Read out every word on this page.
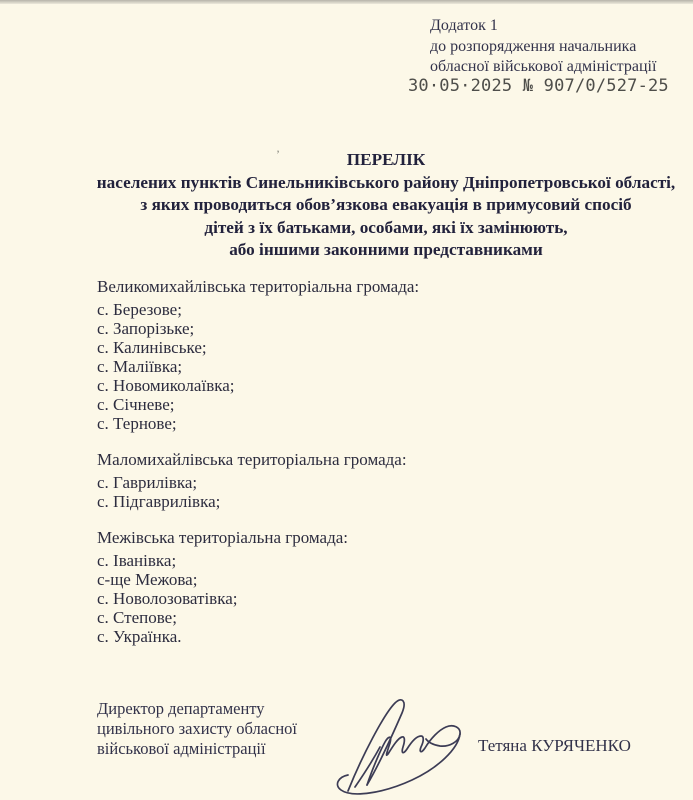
Додаток 1
до розпорядження начальника
обласної військової адміністрації
30·05·2025 № 907/0/527-25
’	ПЕРЕЛІК
населених пунктів Синельниківського району Дніпропетровської області,
з яких проводиться обов’язкова евакуація в примусовий спосіб
дітей з їх батьками, особами, які їх замінюють,
або іншими законними представниками

Великомихайлівська територіальна громада:

с. Березове;

с. Запорізьке;

с. Калинівське;

с. Маліївка;

с. Новомиколаївка;

с. Січневе;

с. Тернове;

Маломихайлівська територіальна громада:

с. Гаврилівка;

с. Підгаврилівка;

Межівська територіальна громада:

с. Іванівка;

с-ще Межова;

с. Новолозоватівка;

с. Степове;

с. Українка.

Директор департаменту
цивільного захисту обласної
військової адміністрації	Тетяна КУРЯЧЕНКО
